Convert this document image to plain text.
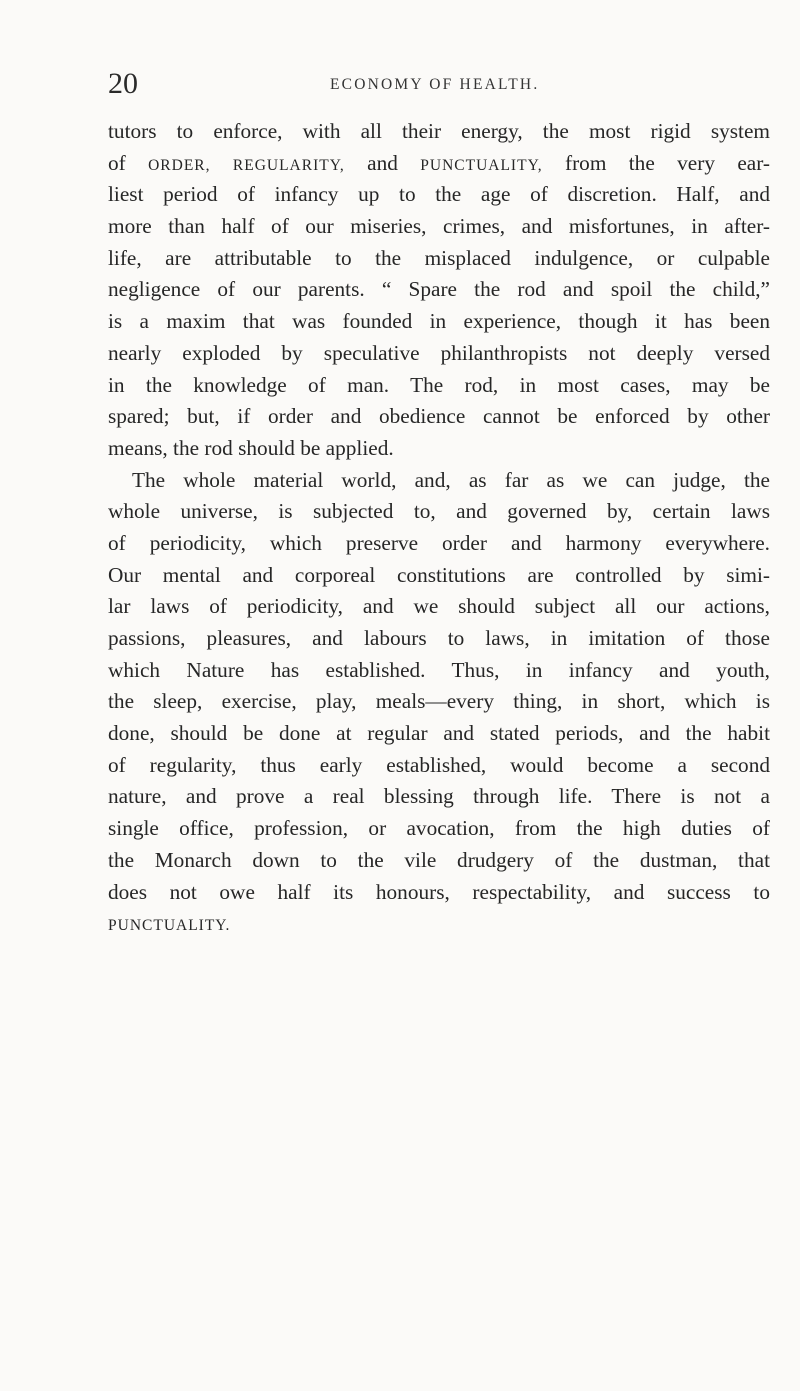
20	ECONOMY OF HEALTH.
tutors to enforce, with all their energy, the most rigid system
of ORDER, REGULARITY, and PUNCTUALITY, from the very ear-
liest period of infancy up to the age of discretion. Half, and
more than half of our miseries, crimes, and misfortunes, in after-
life, are attributable to the misplaced indulgence, or culpable
negligence of our parents. “ Spare the rod and spoil the child,”
is a maxim that was founded in experience, though it has been
nearly exploded by speculative philanthropists not deeply versed
in the knowledge of man. The rod, in most cases, may be
spared; but, if order and obedience cannot be enforced by other
means, the rod should be applied.
The whole material world, and, as far as we can judge, the
whole universe, is subjected to, and governed by, certain laws
of periodicity, which preserve order and harmony everywhere.
Our mental and corporeal constitutions are controlled by simi-
lar laws of periodicity, and we should subject all our actions,
passions, pleasures, and labours to laws, in imitation of those
which Nature has established. Thus, in infancy and youth,
the sleep, exercise, play, meals—every thing, in short, which is
done, should be done at regular and stated periods, and the habit
of regularity, thus early established, would become a second
nature, and prove a real blessing through life. There is not a
single office, profession, or avocation, from the high duties of
the Monarch down to the vile drudgery of the dustman, that
does not owe half its honours, respectability, and success to
PUNCTUALITY.
